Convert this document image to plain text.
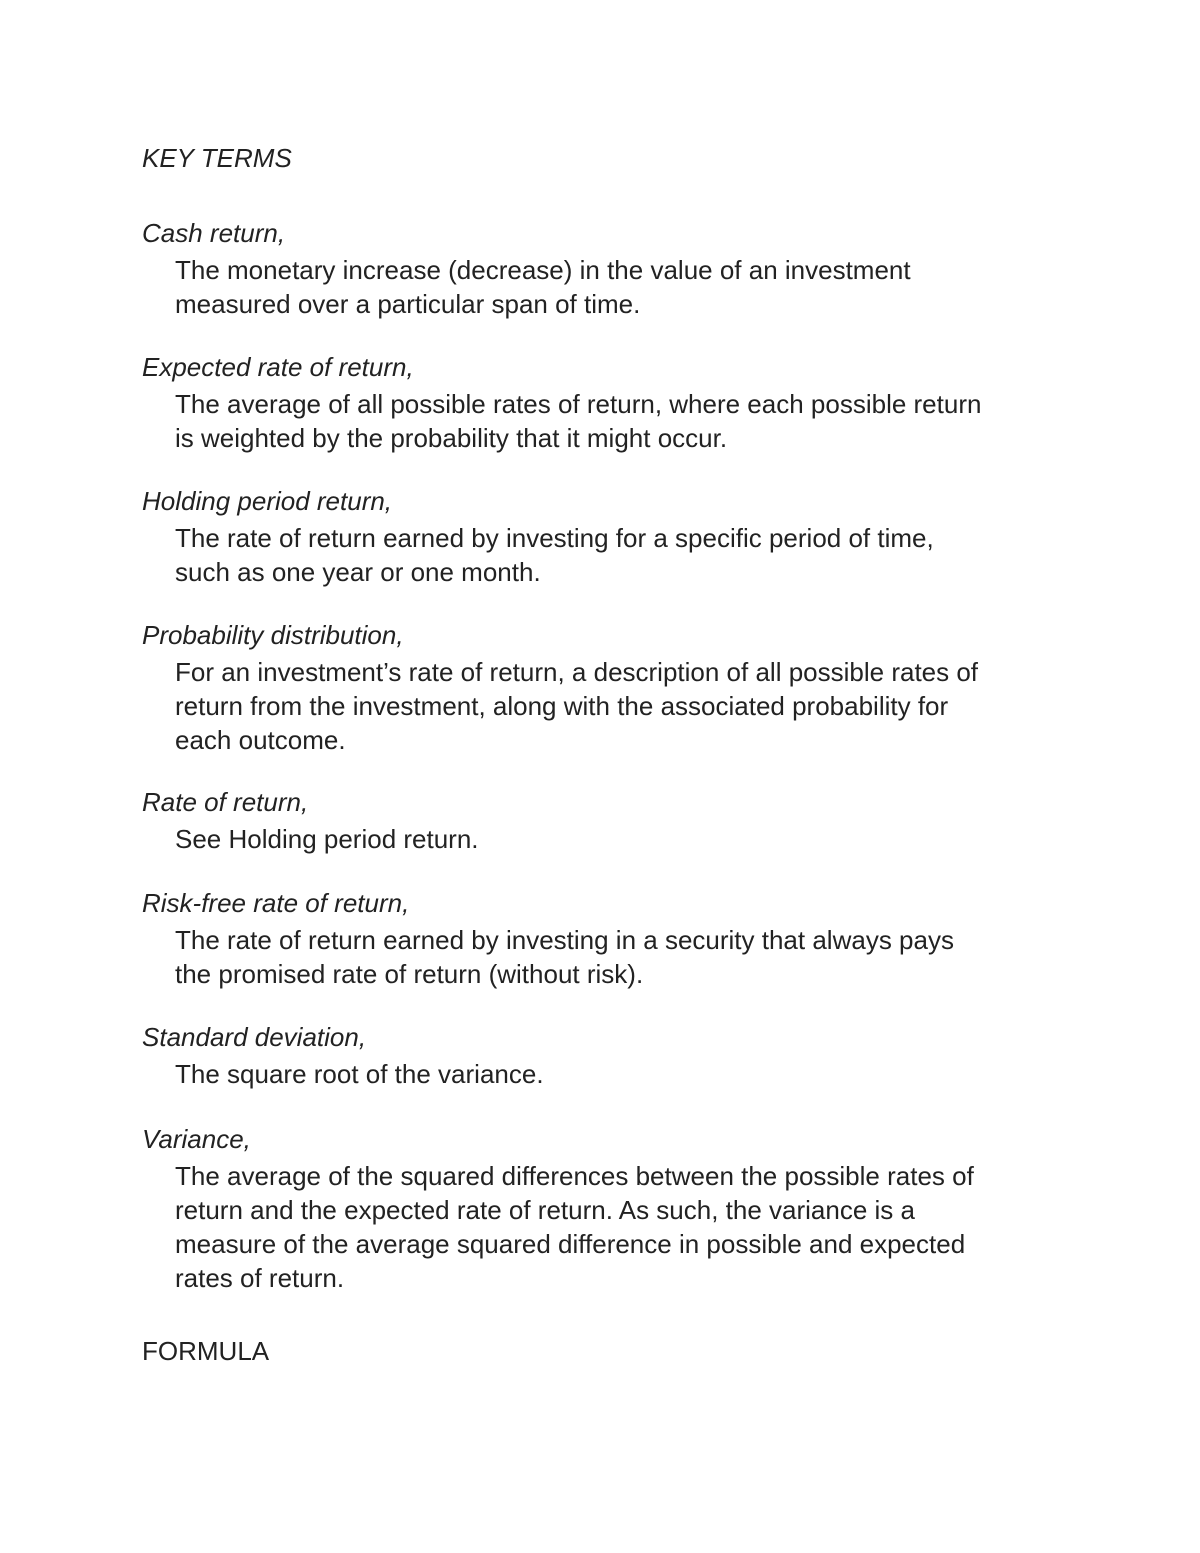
KEY TERMS
Cash return,
The monetary increase (decrease) in the value of an investment
measured over a particular span of time.
Expected rate of return,
The average of all possible rates of return, where each possible return
is weighted by the probability that it might occur.
Holding period return,
The rate of return earned by investing for a specific period of time,
such as one year or one month.
Probability distribution,
For an investment’s rate of return, a description of all possible rates of
return from the investment, along with the associated probability for
each outcome.
Rate of return,
See Holding period return.
Risk-free rate of return,
The rate of return earned by investing in a security that always pays
the promised rate of return (without risk).
Standard deviation,
The square root of the variance.
Variance,
The average of the squared differences between the possible rates of
return and the expected rate of return. As such, the variance is a
measure of the average squared difference in possible and expected
rates of return.
FORMULA
